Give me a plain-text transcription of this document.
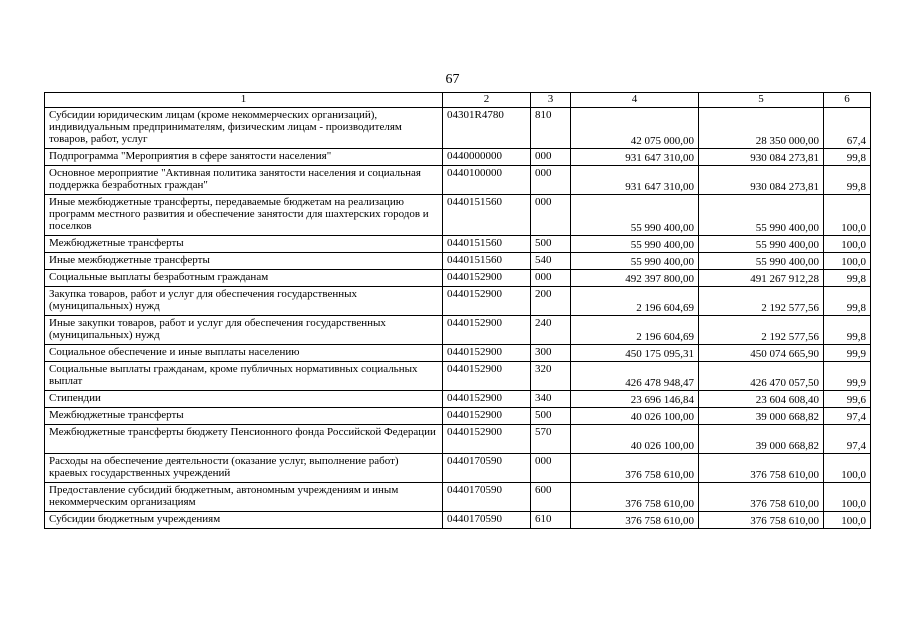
67
1	2	3	4	5	6
Субсидии юридическим лицам (кроме некоммерческих организаций), индивидуальным предпринимателям, физическим лицам - производителям товаров, работ, услуг	04301R4780	810	42 075 000,00	28 350 000,00	67,4
Подпрограмма "Мероприятия в сфере занятости населения"	0440000000	000	931 647 310,00	930 084 273,81	99,8
Основное мероприятие "Активная политика занятости населения и социальная поддержка безработных граждан"	0440100000	000	931 647 310,00	930 084 273,81	99,8
Иные межбюджетные трансферты, передаваемые бюджетам на реализацию программ местного развития и обеспечение занятости для шахтерских городов и поселков	0440151560	000	55 990 400,00	55 990 400,00	100,0
Межбюджетные трансферты	0440151560	500	55 990 400,00	55 990 400,00	100,0
Иные межбюджетные трансферты	0440151560	540	55 990 400,00	55 990 400,00	100,0
Социальные выплаты безработным гражданам	0440152900	000	492 397 800,00	491 267 912,28	99,8
Закупка товаров, работ и услуг для обеспечения государственных (муниципальных) нужд	0440152900	200	2 196 604,69	2 192 577,56	99,8
Иные закупки товаров, работ и услуг для обеспечения государственных (муниципальных) нужд	0440152900	240	2 196 604,69	2 192 577,56	99,8
Социальное обеспечение и иные выплаты населению	0440152900	300	450 175 095,31	450 074 665,90	99,9
Социальные выплаты гражданам, кроме публичных нормативных социальных выплат	0440152900	320	426 478 948,47	426 470 057,50	99,9
Стипендии	0440152900	340	23 696 146,84	23 604 608,40	99,6
Межбюджетные трансферты	0440152900	500	40 026 100,00	39 000 668,82	97,4
Межбюджетные трансферты бюджету Пенсионного фонда Российской Федерации	0440152900	570	40 026 100,00	39 000 668,82	97,4
Расходы на обеспечение деятельности (оказание услуг, выполнение работ) краевых государственных учреждений	0440170590	000	376 758 610,00	376 758 610,00	100,0
Предоставление субсидий бюджетным, автономным учреждениям и иным некоммерческим организациям	0440170590	600	376 758 610,00	376 758 610,00	100,0
Субсидии бюджетным учреждениям	0440170590	610	376 758 610,00	376 758 610,00	100,0
